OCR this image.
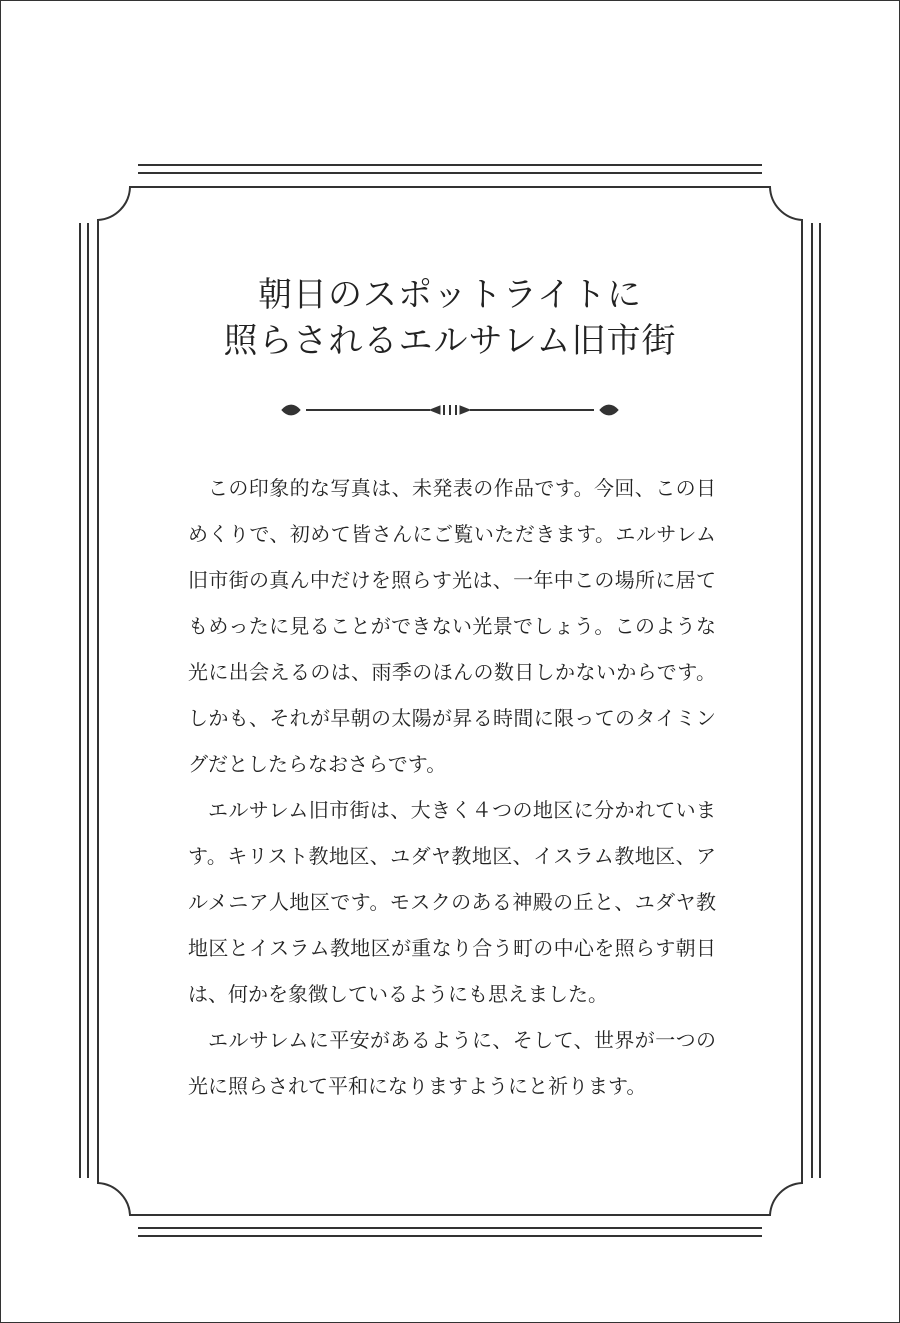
朝日のスポットライトに
照らされるエルサレム旧市街

この印象的な写真は、未発表の作品です。今回、この日めくりで、初めて皆さんにご覧いただきます。エルサレム旧市街の真ん中だけを照らす光は、一年中この場所に居てもめったに見ることができない光景でしょう。このような光に出会えるのは、雨季のほんの数日しかないからです。しかも、それが早朝の太陽が昇る時間に限ってのタイミングだとしたらなおさらです。

エルサレム旧市街は、大きく４つの地区に分かれています。キリスト教地区、ユダヤ教地区、イスラム教地区、アルメニア人地区です。モスクのある神殿の丘と、ユダヤ教地区とイスラム教地区が重なり合う町の中心を照らす朝日は、何かを象徴しているようにも思えました。

エルサレムに平安があるように、そして、世界が一つの光に照らされて平和になりますようにと祈ります。
